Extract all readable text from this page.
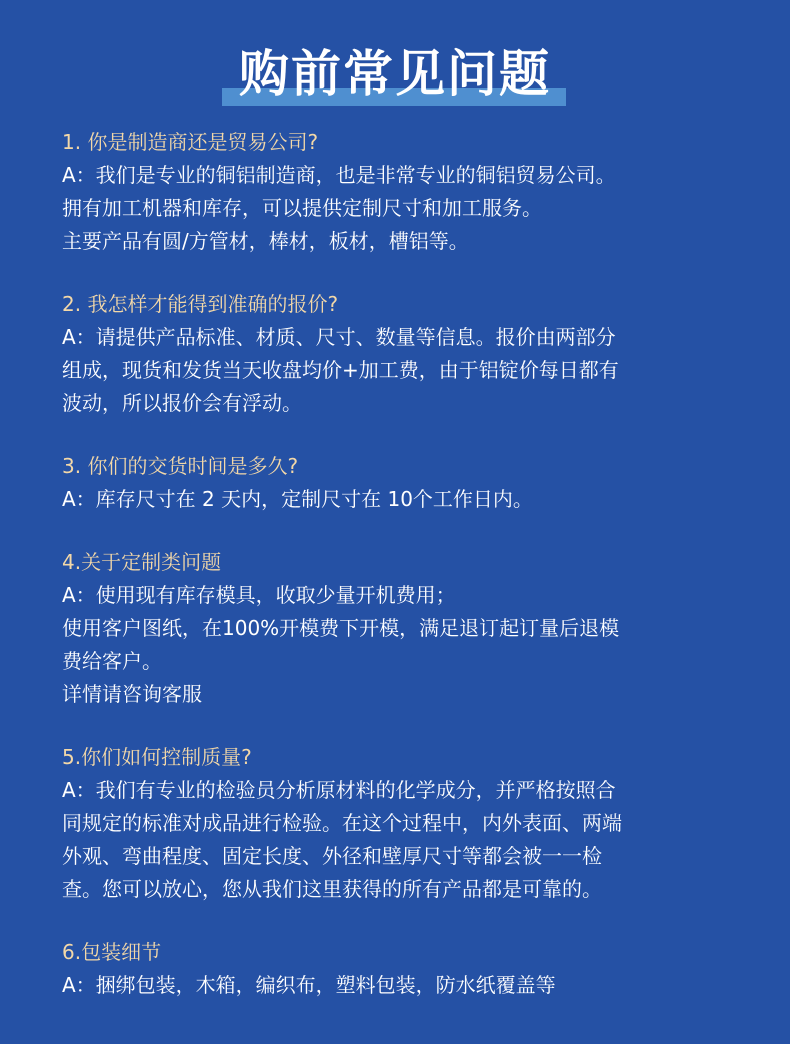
购前常见问题

1. 你是制造商还是贸易公司?

A：我们是专业的铜铝制造商，也是非常专业的铜铝贸易公司。

拥有加工机器和库存，可以提供定制尺寸和加工服务。

主要产品有圆/方管材，棒材，板材，槽铝等。

2. 我怎样才能得到准确的报价?

A：请提供产品标准、材质、尺寸、数量等信息。报价由两部分

组成，现货和发货当天收盘均价+加工费，由于铝锭价每日都有

波动，所以报价会有浮动。

3. 你们的交货时间是多久?

A：库存尺寸在 2 天内，定制尺寸在 10个工作日内。

4.关于定制类问题

A：使用现有库存模具，收取少量开机费用；

使用客户图纸，在100%开模费下开模，满足退订起订量后退模

费给客户。

详情请咨询客服

5.你们如何控制质量?

A：我们有专业的检验员分析原材料的化学成分，并严格按照合

同规定的标准对成品进行检验。在这个过程中，内外表面、两端

外观、弯曲程度、固定长度、外径和壁厚尺寸等都会被一一检

查。您可以放心，您从我们这里获得的所有产品都是可靠的。

6.包装细节

A：捆绑包装，木箱，编织布，塑料包装，防水纸覆盖等
